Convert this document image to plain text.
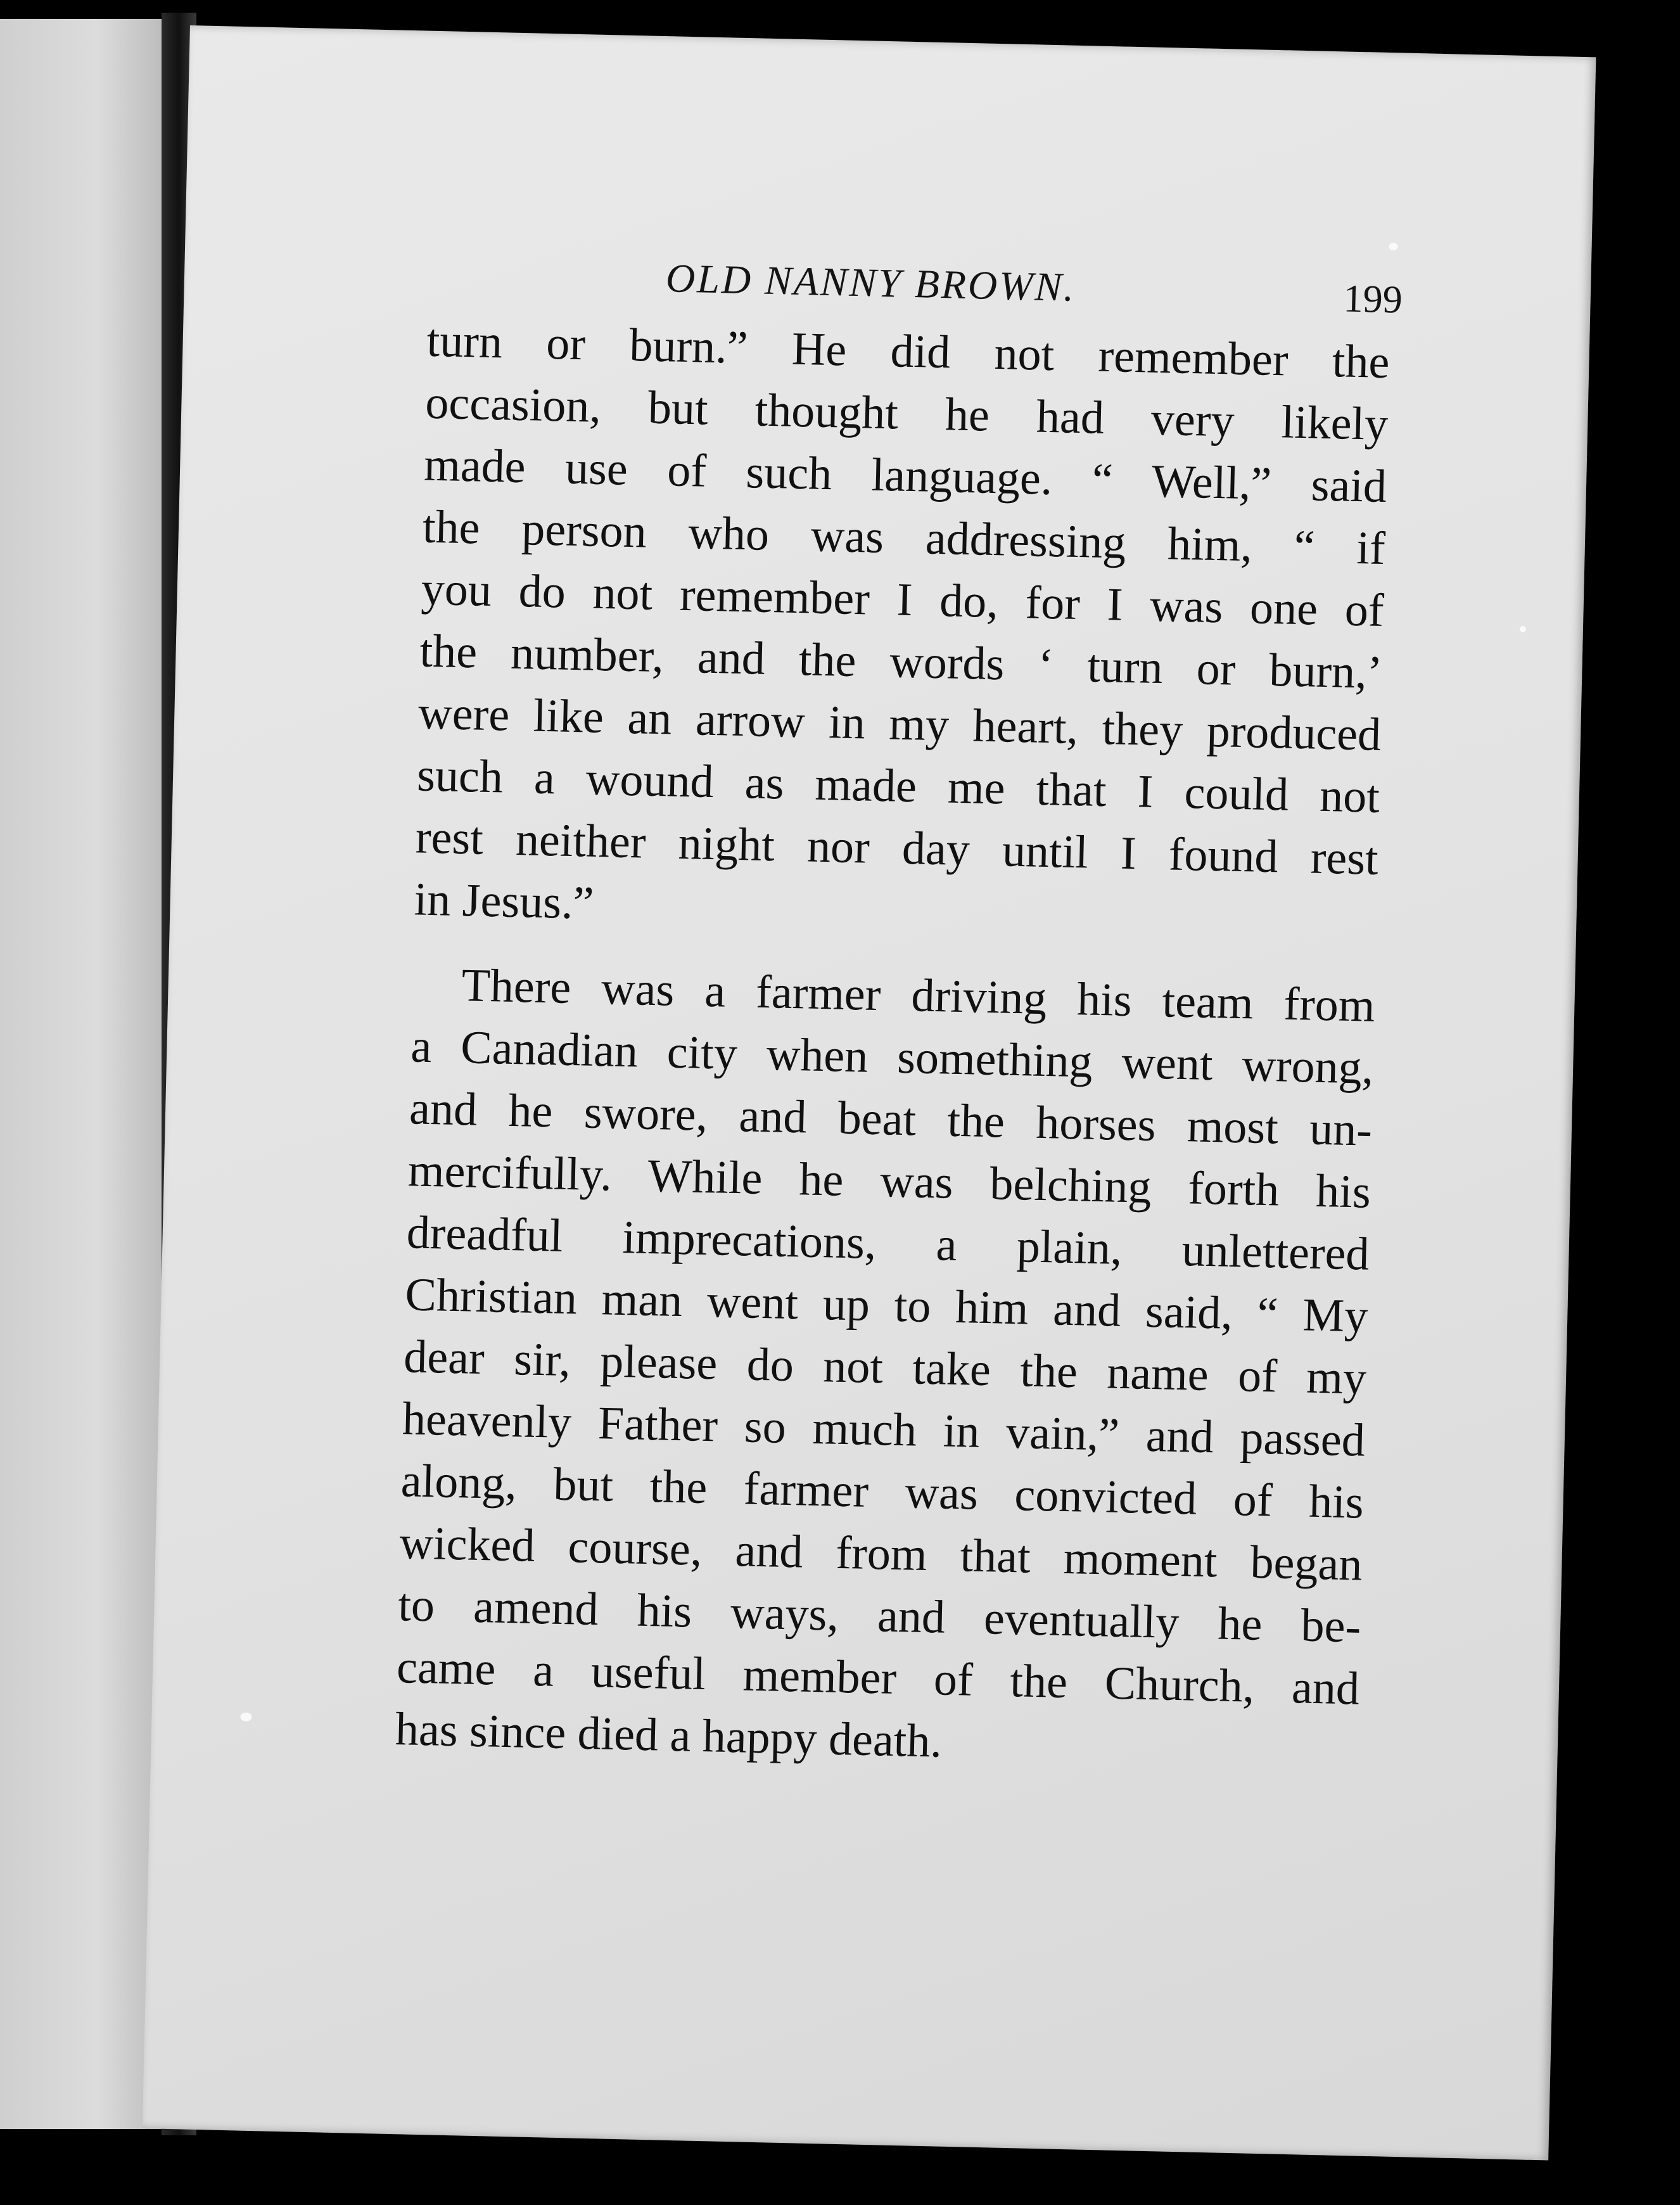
OLD NANNY BROWN.	199
turn or burn.” He did not remember the
occasion, but thought he had very likely
made use of such language. “ Well,” said
the person who was addressing him, “ if
you do not remember I do, for I was one of
the number, and the words ‘ turn or burn,’
were like an arrow in my heart, they produced
such a wound as made me that I could not
rest neither night nor day until I found rest
in Jesus.”
There was a farmer driving his team from
a Canadian city when something went wrong,
and he swore, and beat the horses most un-
mercifully. While he was belching forth his
dreadful imprecations, a plain, unlettered
Christian man went up to him and said, “ My
dear sir, please do not take the name of my
heavenly Father so much in vain,” and passed
along, but the farmer was convicted of his
wicked course, and from that moment began
to amend his ways, and eventually he be-
came a useful member of the Church, and
has since died a happy death.
